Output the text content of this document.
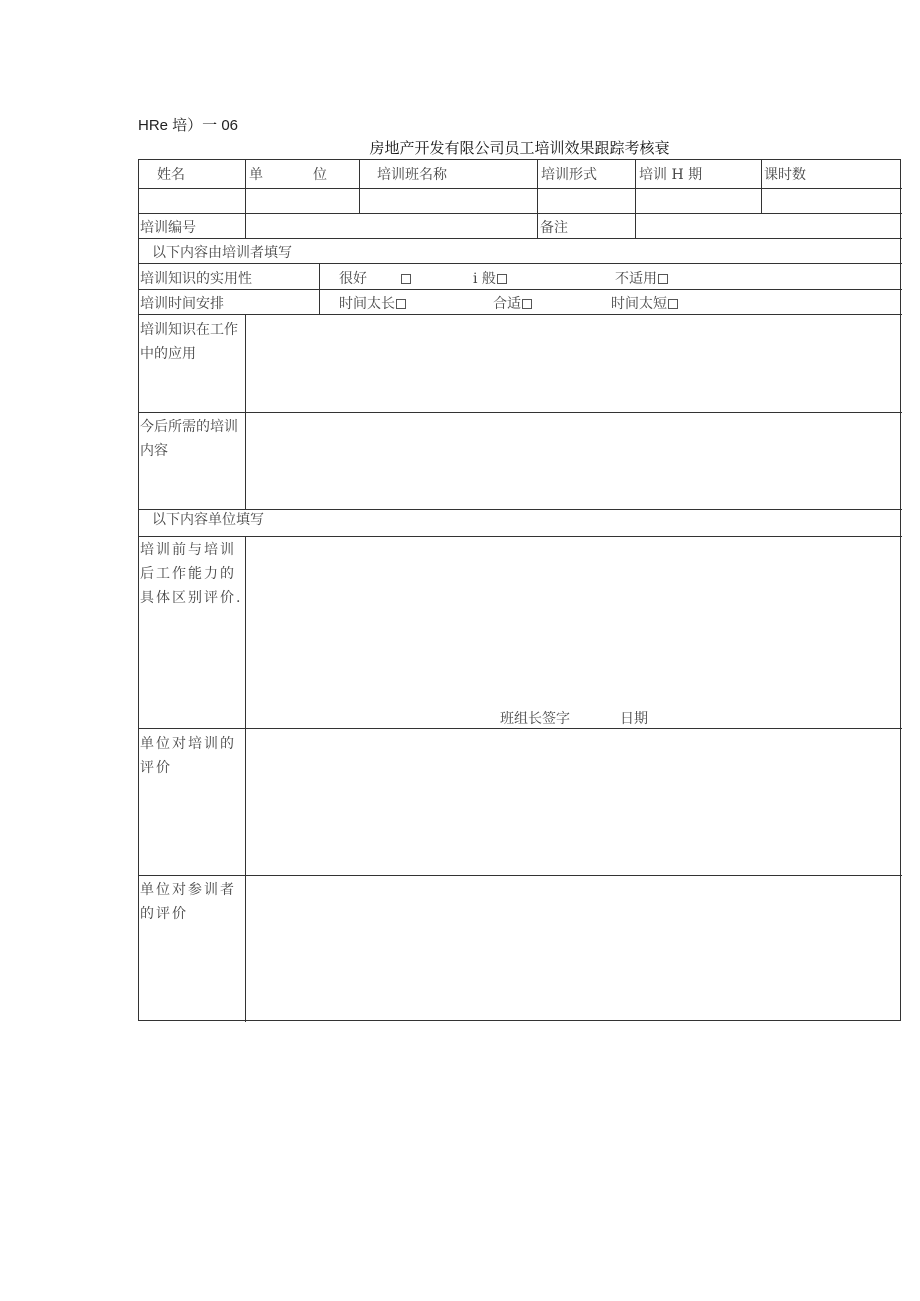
HRe 培）一 06
房地产开发有限公司员工培训效果跟踪考核衰
姓名	单	位	培训班名称	培训形式	培训 H 期	课时数
培训编号	备注
以下内容由培训者填写
培训知识的实用性	很好	i 般	不适用
培训时间安排	时间太长	合适	时间太短
培训知识在工作中的应用
今后所需的培训内容
以下内容单位填写
培训前与培训后工作能力的具体区别评价.
班组长签字	日期
单位对培训的评价
单位对参训者的评价
